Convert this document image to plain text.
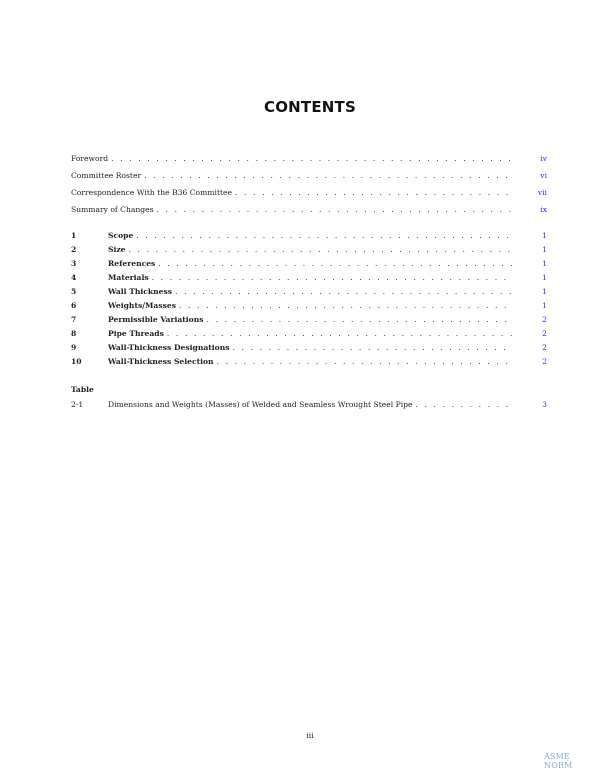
CONTENTS
Foreword . . .	iv
Committee Roster . . .	vi
Correspondence With the B36 Committee . . .	vii
Summary of Changes . . .	ix
1	Scope . . .	1
2	Size . . .	1
3	References . . .	1
4	Materials . . .	1
5	Wall Thickness . . .	1
6	Weights/Masses . . .	1
7	Permissible Variations . . .	2
8	Pipe Threads . . .	2
9	Wall-Thickness Designations . . .	2
10	Wall-Thickness Selection . . .	2
Table
2-1	Dimensions and Weights (Masses) of Welded and Seamless Wrought Steel Pipe . . .	3
iii
ASME NORM
